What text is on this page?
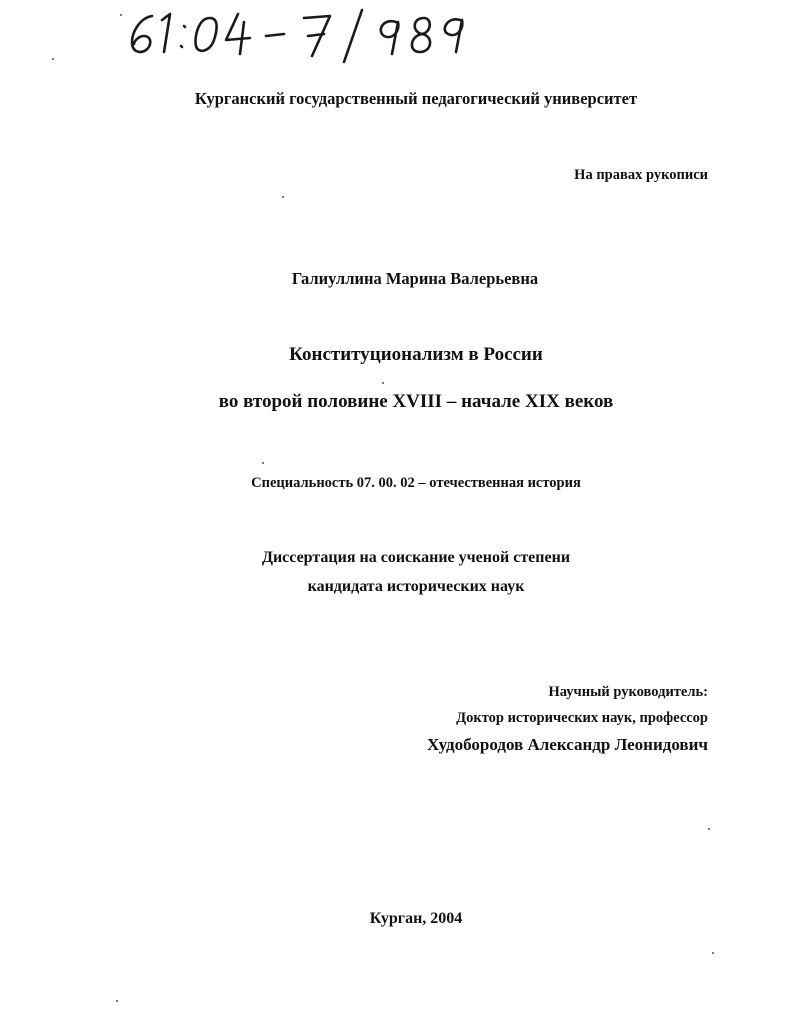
Курганский государственный педагогический университет
На правах рукописи
Галиуллина Марина Валерьевна
Конституционализм в России
во второй половине XVIII – начале XIX веков
Специальность 07. 00. 02 – отечественная история
Диссертация на соискание ученой степени
кандидата исторических наук
Научный руководитель:
Доктор исторических наук, профессор
Худобородов Александр Леонидович
Курган, 2004
